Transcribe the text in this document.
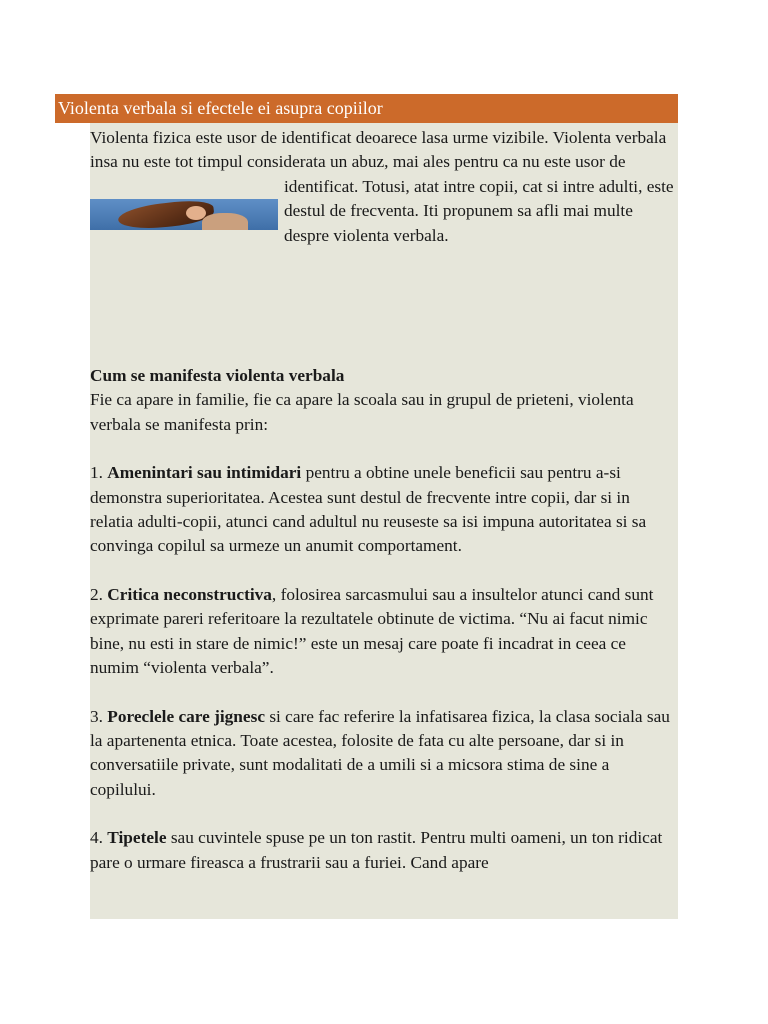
Violenta verbala si efectele ei asupra copiilor

Violenta fizica este usor de identificat deoarece lasa urme vizibile. Violenta verbala insa nu este tot timpul considerata un abuz, mai ales pentru ca nu este usor de identificat. Totusi, atat intre copii, cat si intre adulti, este destul de frecventa. Iti propunem sa afli mai multe despre violenta verbala.

Cum se manifesta violenta verbala

Fie ca apare in familie, fie ca apare la scoala sau in grupul de prieteni, violenta verbala se manifesta prin:

1. Amenintari sau intimidari pentru a obtine unele beneficii sau pentru a-si demonstra superioritatea. Acestea sunt destul de frecvente intre copii, dar si in relatia adulti-copii, atunci cand adultul nu reuseste sa isi impuna autoritatea si sa convinga copilul sa urmeze un anumit comportament.

2. Critica neconstructiva, folosirea sarcasmului sau a insultelor atunci cand sunt exprimate pareri referitoare la rezultatele obtinute de victima. “Nu ai facut nimic bine, nu esti in stare de nimic!” este un mesaj care poate fi incadrat in ceea ce numim “violenta verbala”.

3. Poreclele care jignesc si care fac referire la infatisarea fizica, la clasa sociala sau la apartenenta etnica. Toate acestea, folosite de fata cu alte persoane, dar si in conversatiile private, sunt modalitati de a umili si a micsora stima de sine a copilului.

4. Tipetele sau cuvintele spuse pe un ton rastit. Pentru multi oameni, un ton ridicat pare o urmare fireasca a frustrarii sau a furiei. Cand apare
